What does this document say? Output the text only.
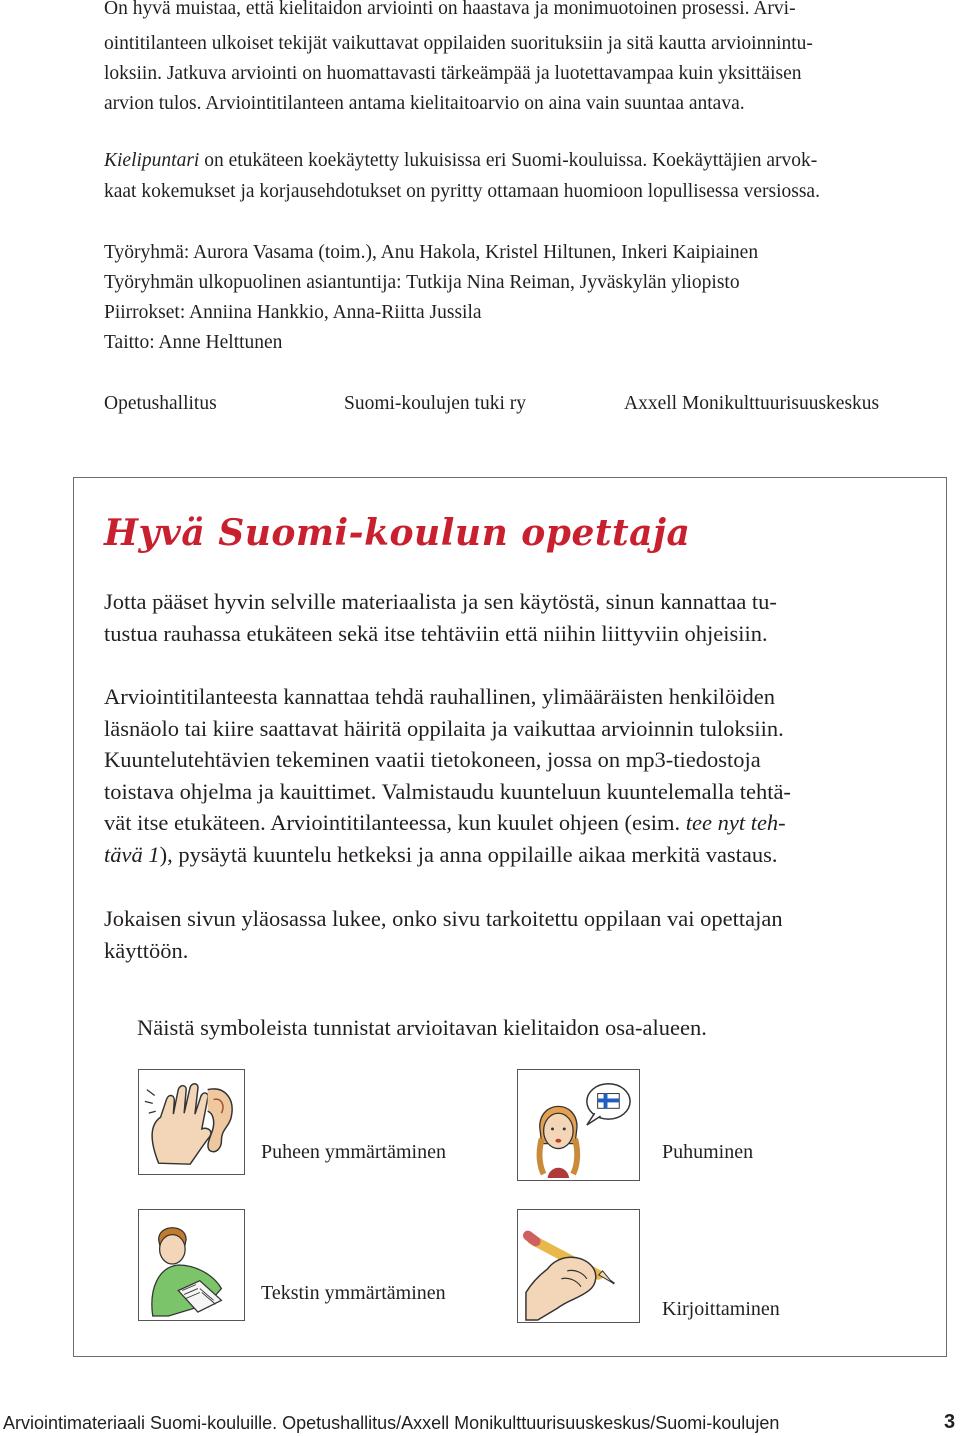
On hyvä muistaa, että kielitaidon arviointi on haastava ja monimuotoinen prosessi. Arvi-
ointitilanteen ulkoiset tekijät vaikuttavat oppilaiden suorituksiin ja sitä kautta arvioinnintu-
loksiin. Jatkuva arviointi on huomattavasti tärkeämpää ja luotettavampaa kuin yksittäisen
arvion tulos. Arviointitilanteen antama kielitaitoarvio on aina vain suuntaa antava.
Kielipuntari on etukäteen koekäytetty lukuisissa eri Suomi-kouluissa. Koekäyttäjien arvok-
kaat kokemukset ja korjausehdotukset on pyritty ottamaan huomioon lopullisessa versiossa.
Työryhmä: Aurora Vasama (toim.), Anu Hakola, Kristel Hiltunen, Inkeri Kaipiainen
Työryhmän ulkopuolinen asiantuntija: Tutkija Nina Reiman, Jyväskylän yliopisto
Piirrokset: Anniina Hankkio, Anna-Riitta Jussila
Taitto: Anne Helttunen
Opetushallitus	Suomi-koulujen tuki ry	Axxell Monikulttuurisuuskeskus
Hyvä Suomi-koulun opettaja
Jotta pääset hyvin selville materiaalista ja sen käytöstä, sinun kannattaa tu-
tustua rauhassa etukäteen sekä itse tehtäviin että niihin liittyviin ohjeisiin.
Arviointitilanteesta kannattaa tehdä rauhallinen, ylimääräisten henkilöiden
läsnäolo tai kiire saattavat häiritä oppilaita ja vaikuttaa arvioinnin tuloksiin.
Kuuntelutehtävien tekeminen vaatii tietokoneen, jossa on mp3-tiedostoja
toistava ohjelma ja kauittimet. Valmistaudu kuunteluun kuuntelemalla tehtä-
vät itse etukäteen. Arviointitilanteessa, kun kuulet ohjeen (esim. tee nyt teh-
tävä 1), pysäytä kuuntelu hetkeksi ja anna oppilaille aikaa merkitä vastaus.
Jokaisen sivun yläosassa lukee, onko sivu tarkoitettu oppilaan vai opettajan
käyttöön.
Näistä symboleista tunnistat arvioitavan kielitaidon osa-alueen.
Puheen ymmärtäminen	Puhuminen
Tekstin ymmärtäminen
Kirjoittaminen
Arviointimateriaali Suomi-kouluille. Opetushallitus/Axxell Monikulttuurisuuskeskus/Suomi-koulujen	3
